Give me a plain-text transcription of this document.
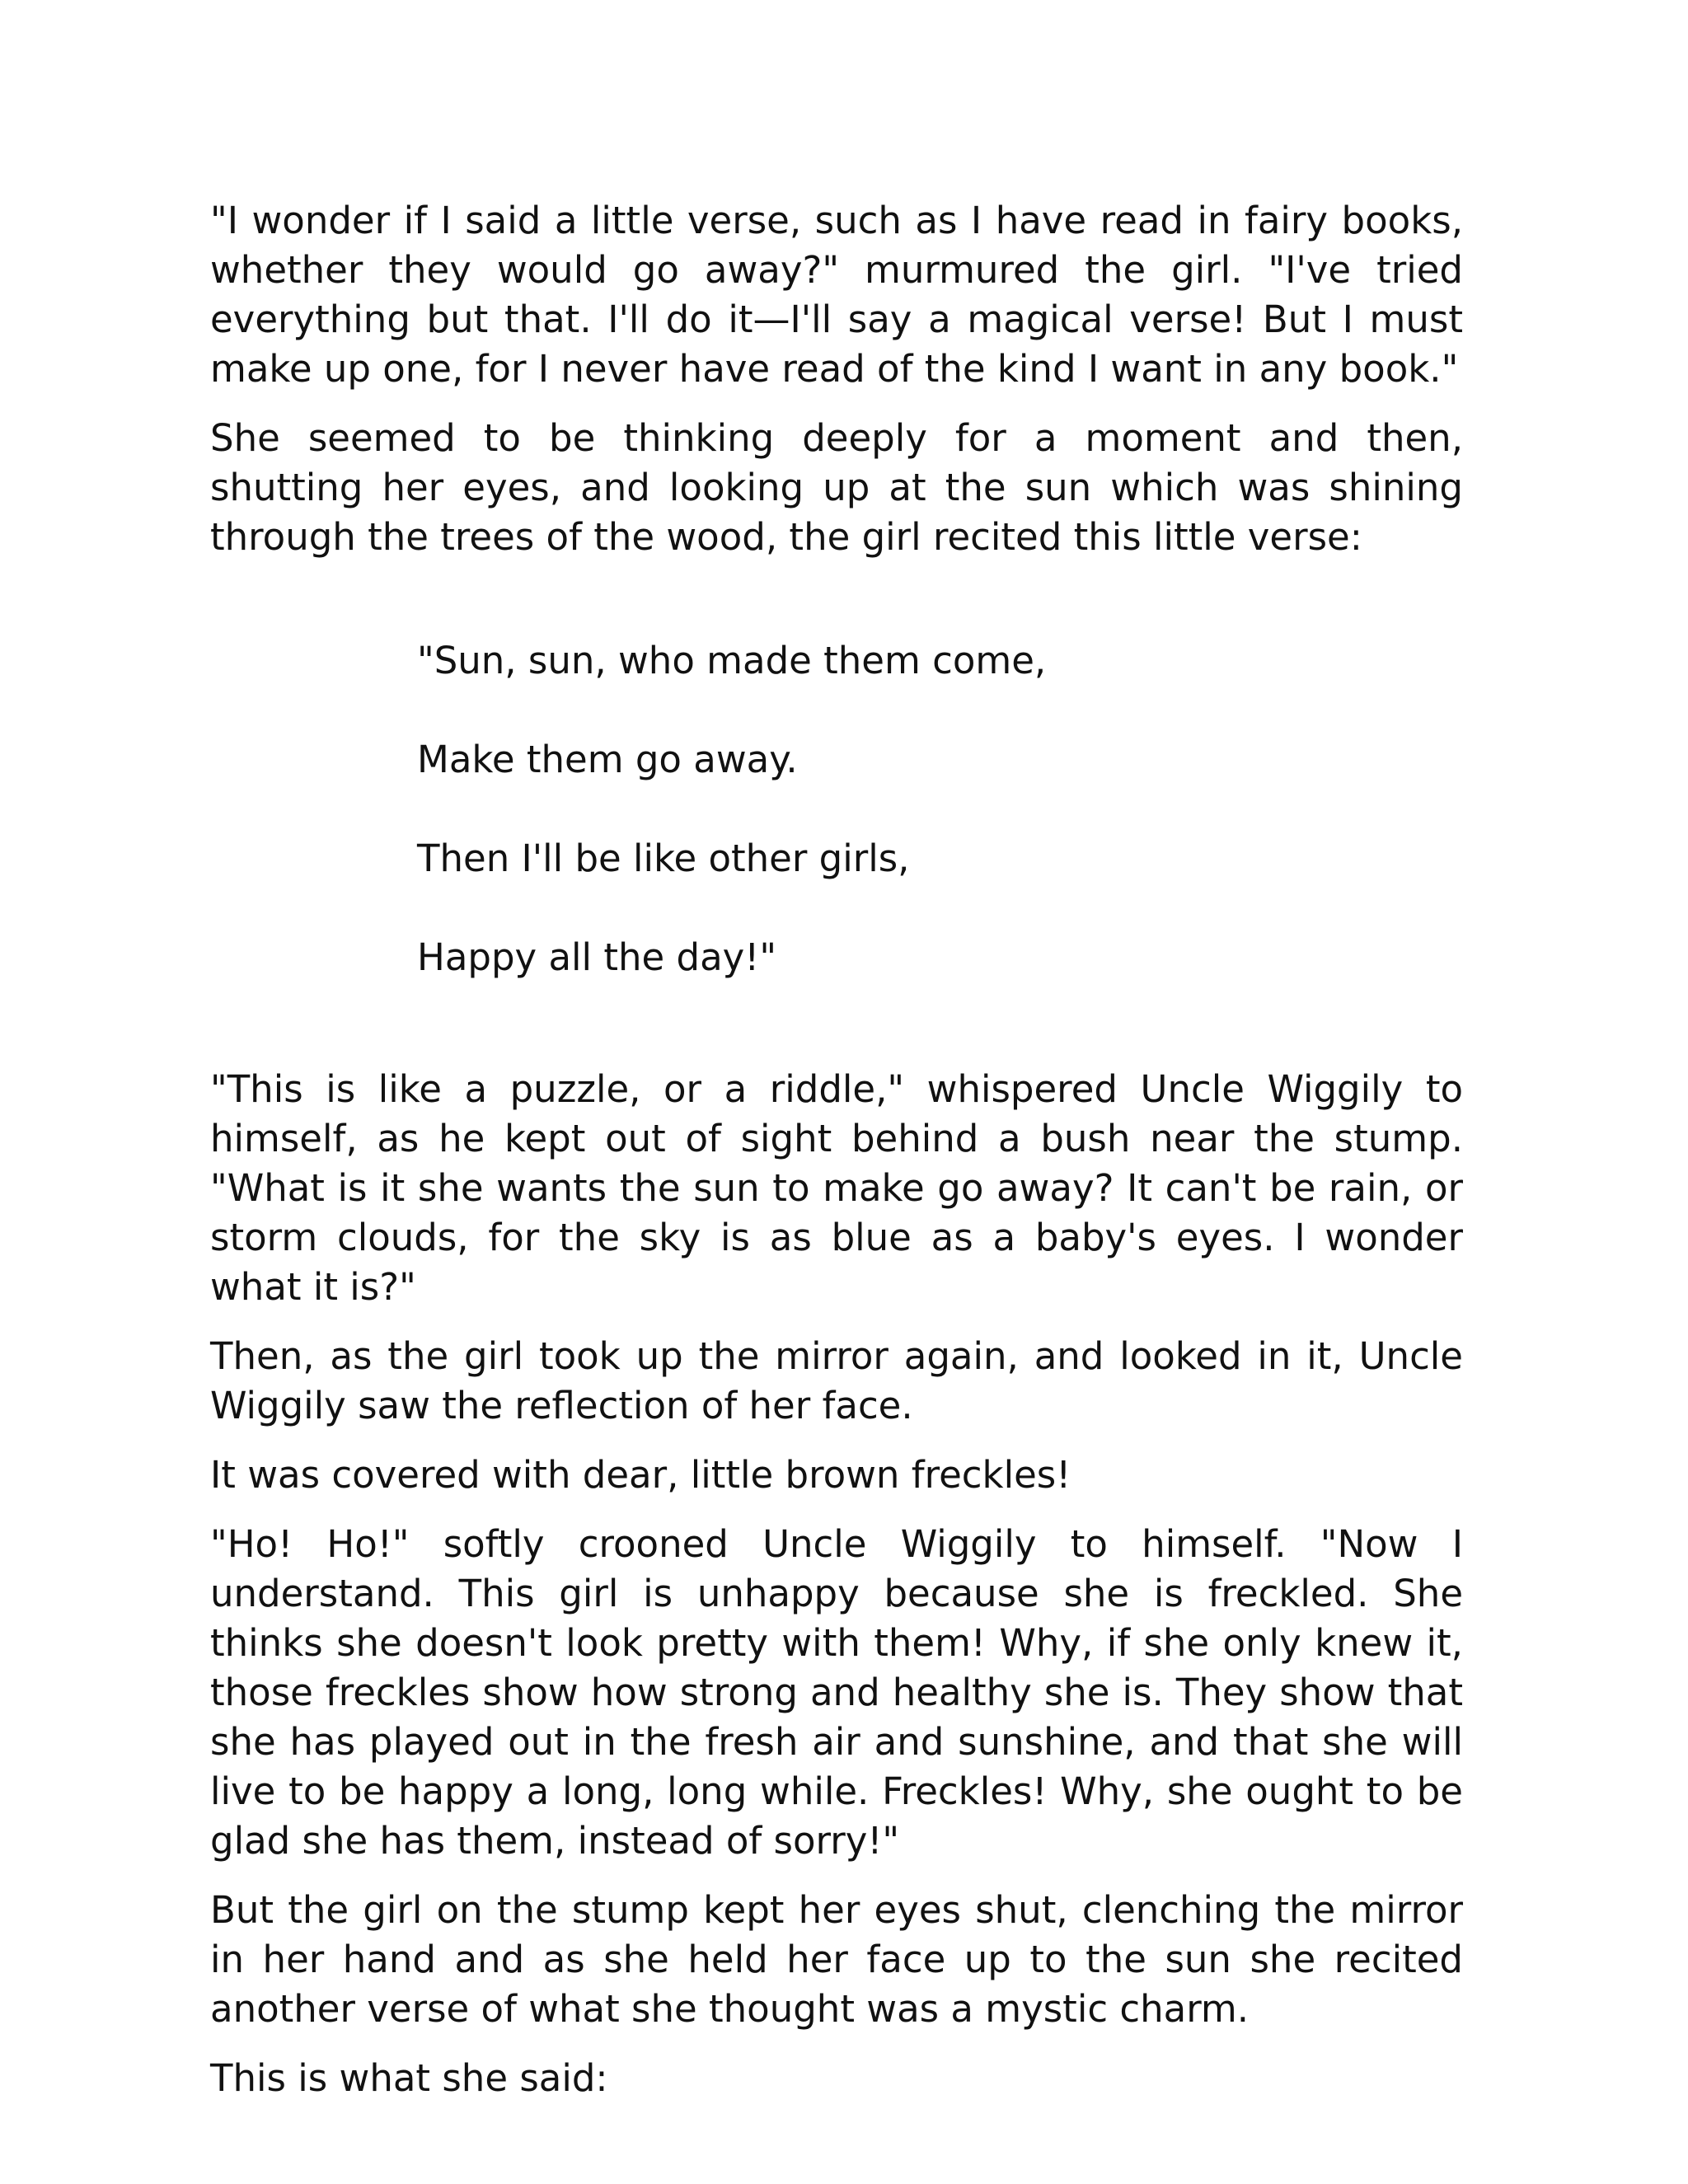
"I wonder if I said a little verse, such as I have read in fairy books, whether they would go away?" murmured the girl. "I've tried everything but that. I'll do it—I'll say a magical verse! But I must make up one, for I never have read of the kind I want in any book."

She seemed to be thinking deeply for a moment and then, shutting her eyes, and looking up at the sun which was shining through the trees of the wood, the girl recited this little verse:

"Sun, sun, who made them come,

Make them go away.

Then I'll be like other girls,

Happy all the day!"

"This is like a puzzle, or a riddle," whispered Uncle Wiggily to himself, as he kept out of sight behind a bush near the stump. "What is it she wants the sun to make go away? It can't be rain, or storm clouds, for the sky is as blue as a baby's eyes. I wonder what it is?"

Then, as the girl took up the mirror again, and looked in it, Uncle Wiggily saw the reflection of her face.

It was covered with dear, little brown freckles!

"Ho! Ho!" softly crooned Uncle Wiggily to himself. "Now I understand. This girl is unhappy because she is freckled. She thinks she doesn't look pretty with them! Why, if she only knew it, those freckles show how strong and healthy she is. They show that she has played out in the fresh air and sunshine, and that she will live to be happy a long, long while. Freckles! Why, she ought to be glad she has them, instead of sorry!"

But the girl on the stump kept her eyes shut, clenching the mirror in her hand and as she held her face up to the sun she recited another verse of what she thought was a mystic charm.

This is what she said:
